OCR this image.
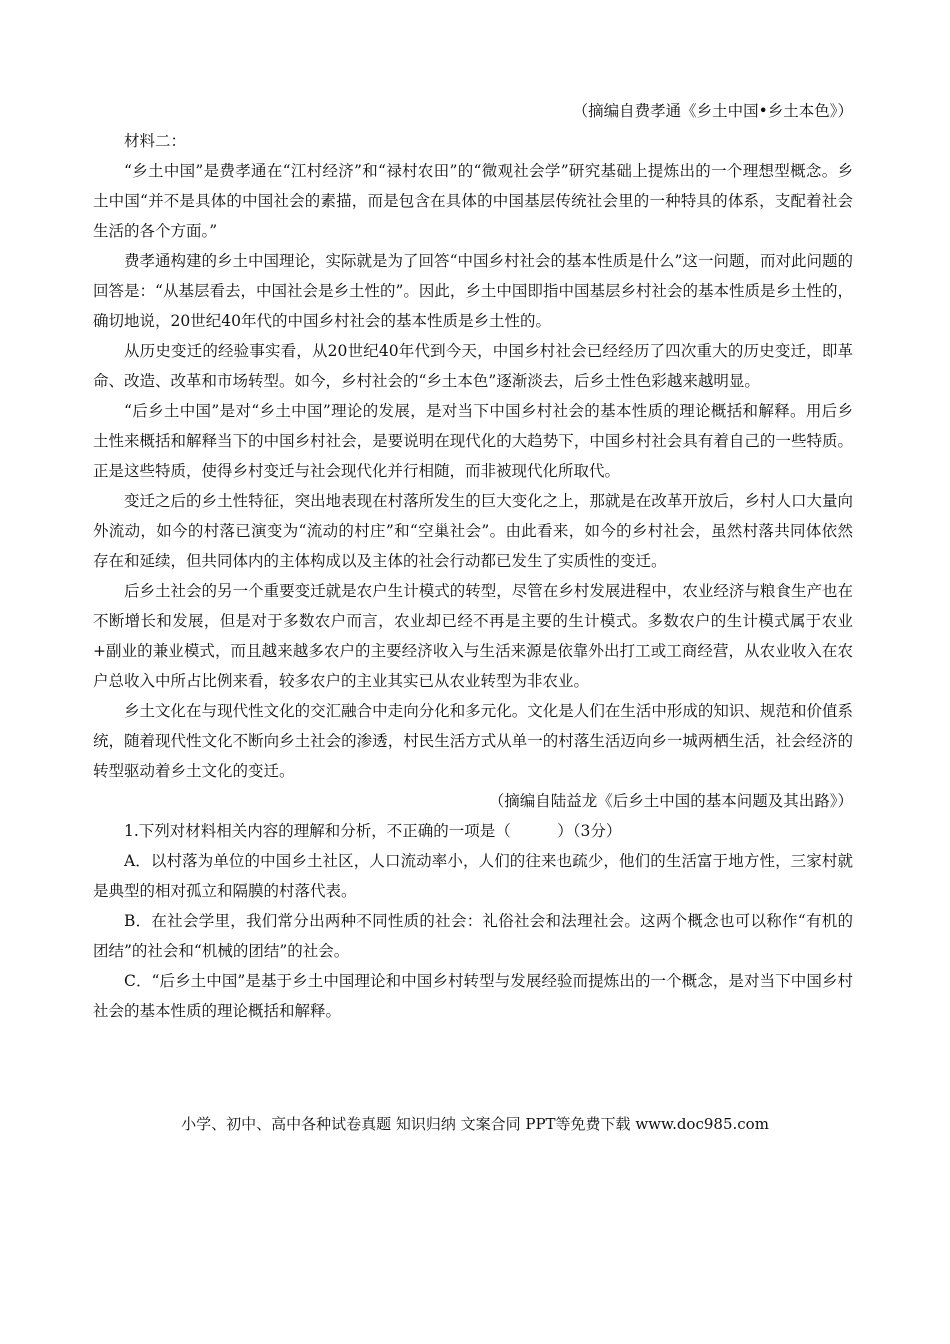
（摘编自费孝通《乡土中国•乡土本色》）

材料二：

“乡土中国”是费孝通在“江村经济”和“禄村农田”的“微观社会学”研究基础上提炼出的一个理想型概念。乡土中国“并不是具体的中国社会的素描，而是包含在具体的中国基层传统社会里的一种特具的体系，支配着社会生活的各个方面。”

费孝通构建的乡土中国理论，实际就是为了回答“中国乡村社会的基本性质是什么”这一问题，而对此问题的回答是：“从基层看去，中国社会是乡土性的”。因此，乡土中国即指中国基层乡村社会的基本性质是乡土性的，确切地说，20世纪40年代的中国乡村社会的基本性质是乡土性的。

从历史变迁的经验事实看，从20世纪40年代到今天，中国乡村社会已经经历了四次重大的历史变迁，即革命、改造、改革和市场转型。如今，乡村社会的“乡土本色”逐渐淡去，后乡土性色彩越来越明显。

“后乡土中国”是对“乡土中国”理论的发展，是对当下中国乡村社会的基本性质的理论概括和解释。用后乡土性来概括和解释当下的中国乡村社会，是要说明在现代化的大趋势下，中国乡村社会具有着自己的一些特质。正是这些特质，使得乡村变迁与社会现代化并行相随，而非被现代化所取代。

变迁之后的乡土性特征，突出地表现在村落所发生的巨大变化之上，那就是在改革开放后，乡村人口大量向外流动，如今的村落已演变为“流动的村庄”和“空巢社会”。由此看来，如今的乡村社会，虽然村落共同体依然存在和延续，但共同体内的主体构成以及主体的社会行动都已发生了实质性的变迁。

后乡土社会的另一个重要变迁就是农户生计模式的转型，尽管在乡村发展进程中，农业经济与粮食生产也在不断增长和发展，但是对于多数农户而言，农业却已经不再是主要的生计模式。多数农户的生计模式属于农业+副业的兼业模式，而且越来越多农户的主要经济收入与生活来源是依靠外出打工或工商经营，从农业收入在农户总收入中所占比例来看，较多农户的主业其实已从农业转型为非农业。

乡土文化在与现代性文化的交汇融合中走向分化和多元化。文化是人们在生活中形成的知识、规范和价值系统，随着现代性文化不断向乡土社会的渗透，村民生活方式从单一的村落生活迈向乡一城两栖生活，社会经济的转型驱动着乡土文化的变迁。

（摘编自陆益龙《后乡土中国的基本问题及其出路》）

1.下列对材料相关内容的理解和分析，不正确的一项是（　　　）（3分）

A．以村落为单位的中国乡土社区，人口流动率小，人们的往来也疏少，他们的生活富于地方性，三家村就是典型的相对孤立和隔膜的村落代表。

B．在社会学里，我们常分出两种不同性质的社会：礼俗社会和法理社会。这两个概念也可以称作“有机的团结”的社会和“机械的团结”的社会。

C．“后乡土中国”是基于乡土中国理论和中国乡村转型与发展经验而提炼出的一个概念，是对当下中国乡村社会的基本性质的理论概括和解释。

小学、初中、高中各种试卷真题 知识归纳 文案合同 PPT等免费下载 www.doc985.com
